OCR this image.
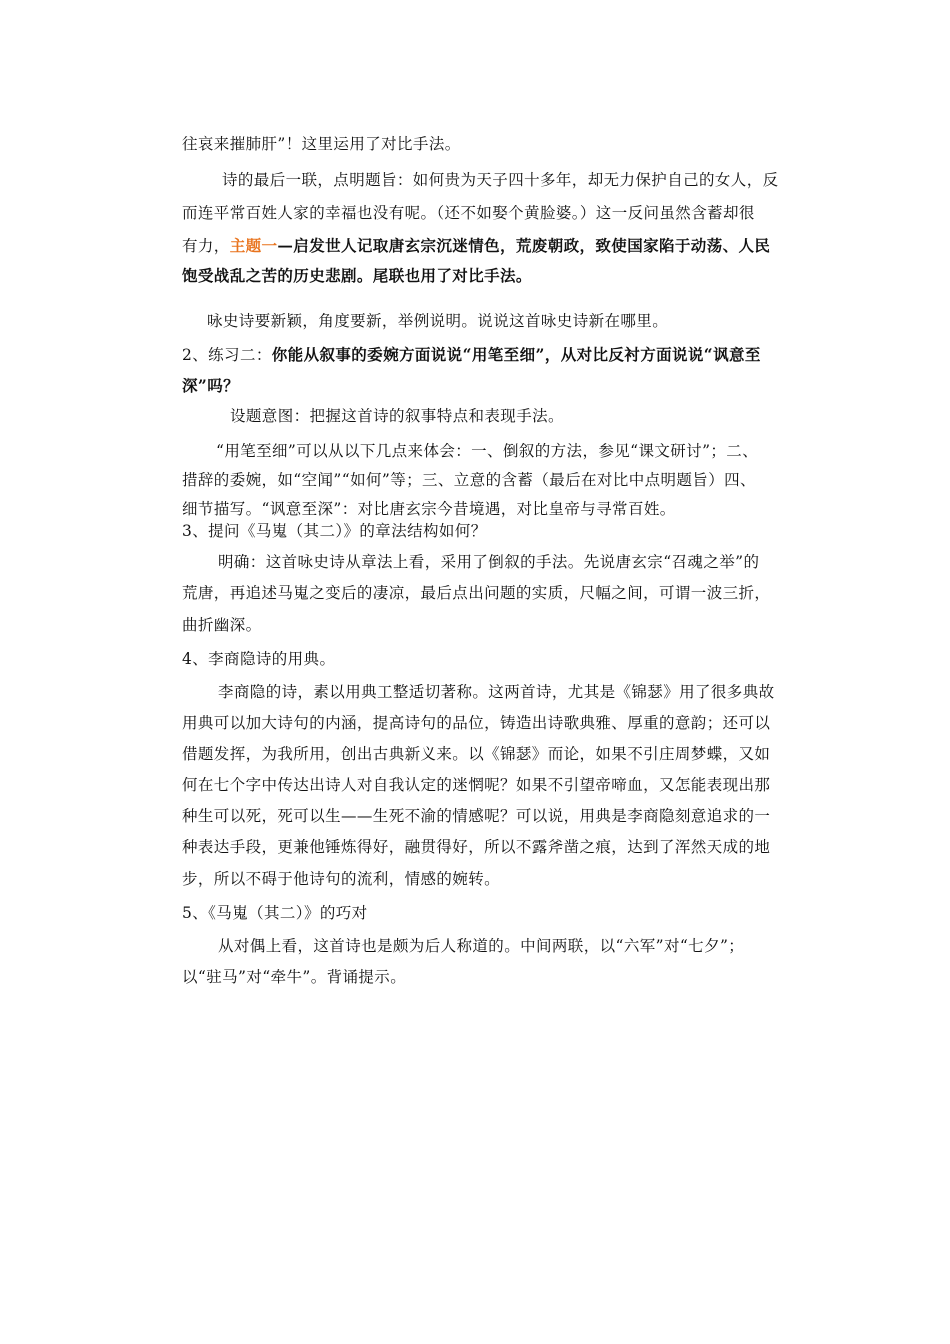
往哀来摧肺肝”！这里运用了对比手法。
诗的最后一联，点明题旨：如何贵为天子四十多年，却无力保护自己的女人，反
而连平常百姓人家的幸福也没有呢。（还不如娶个黄脸婆。）这一反问虽然含蓄却很
有力，主题一—启发世人记取唐玄宗沉迷情色，荒废朝政，致使国家陷于动荡、人民
饱受战乱之苦的历史悲剧。尾联也用了对比手法。
咏史诗要新颖，角度要新，举例说明。说说这首咏史诗新在哪里。
2、练习二：你能从叙事的委婉方面说说“用笔至细”，从对比反衬方面说说“讽意至
深”吗？
设题意图：把握这首诗的叙事特点和表现手法。
“用笔至细”可以从以下几点来体会：一、倒叙的方法，参见“课文研讨”；二、
措辞的委婉，如“空闻”“如何”等；三、立意的含蓄（最后在对比中点明题旨）四、
细节描写。“讽意至深”：对比唐玄宗今昔境遇，对比皇帝与寻常百姓。
3、提问《马嵬（其二）》的章法结构如何？
明确：这首咏史诗从章法上看，采用了倒叙的手法。先说唐玄宗“召魂之举”的
荒唐，再追述马嵬之变后的凄凉，最后点出问题的实质，尺幅之间，可谓一波三折，
曲折幽深。
4、李商隐诗的用典。
李商隐的诗，素以用典工整适切著称。这两首诗，尤其是《锦瑟》用了很多典故
用典可以加大诗句的内涵，提高诗句的品位，铸造出诗歌典雅、厚重的意韵；还可以
借题发挥，为我所用，创出古典新义来。以《锦瑟》而论，如果不引庄周梦蝶，又如
何在七个字中传达出诗人对自我认定的迷惘呢？如果不引望帝啼血，又怎能表现出那
种生可以死，死可以生——生死不渝的情感呢？可以说，用典是李商隐刻意追求的一
种表达手段，更兼他锤炼得好，融贯得好，所以不露斧凿之痕，达到了浑然天成的地
步，所以不碍于他诗句的流利，情感的婉转。
5、《马嵬（其二）》的巧对
从对偶上看，这首诗也是颇为后人称道的。中间两联，以“六军”对“七夕”；
以“驻马”对“牵牛”。背诵提示。
